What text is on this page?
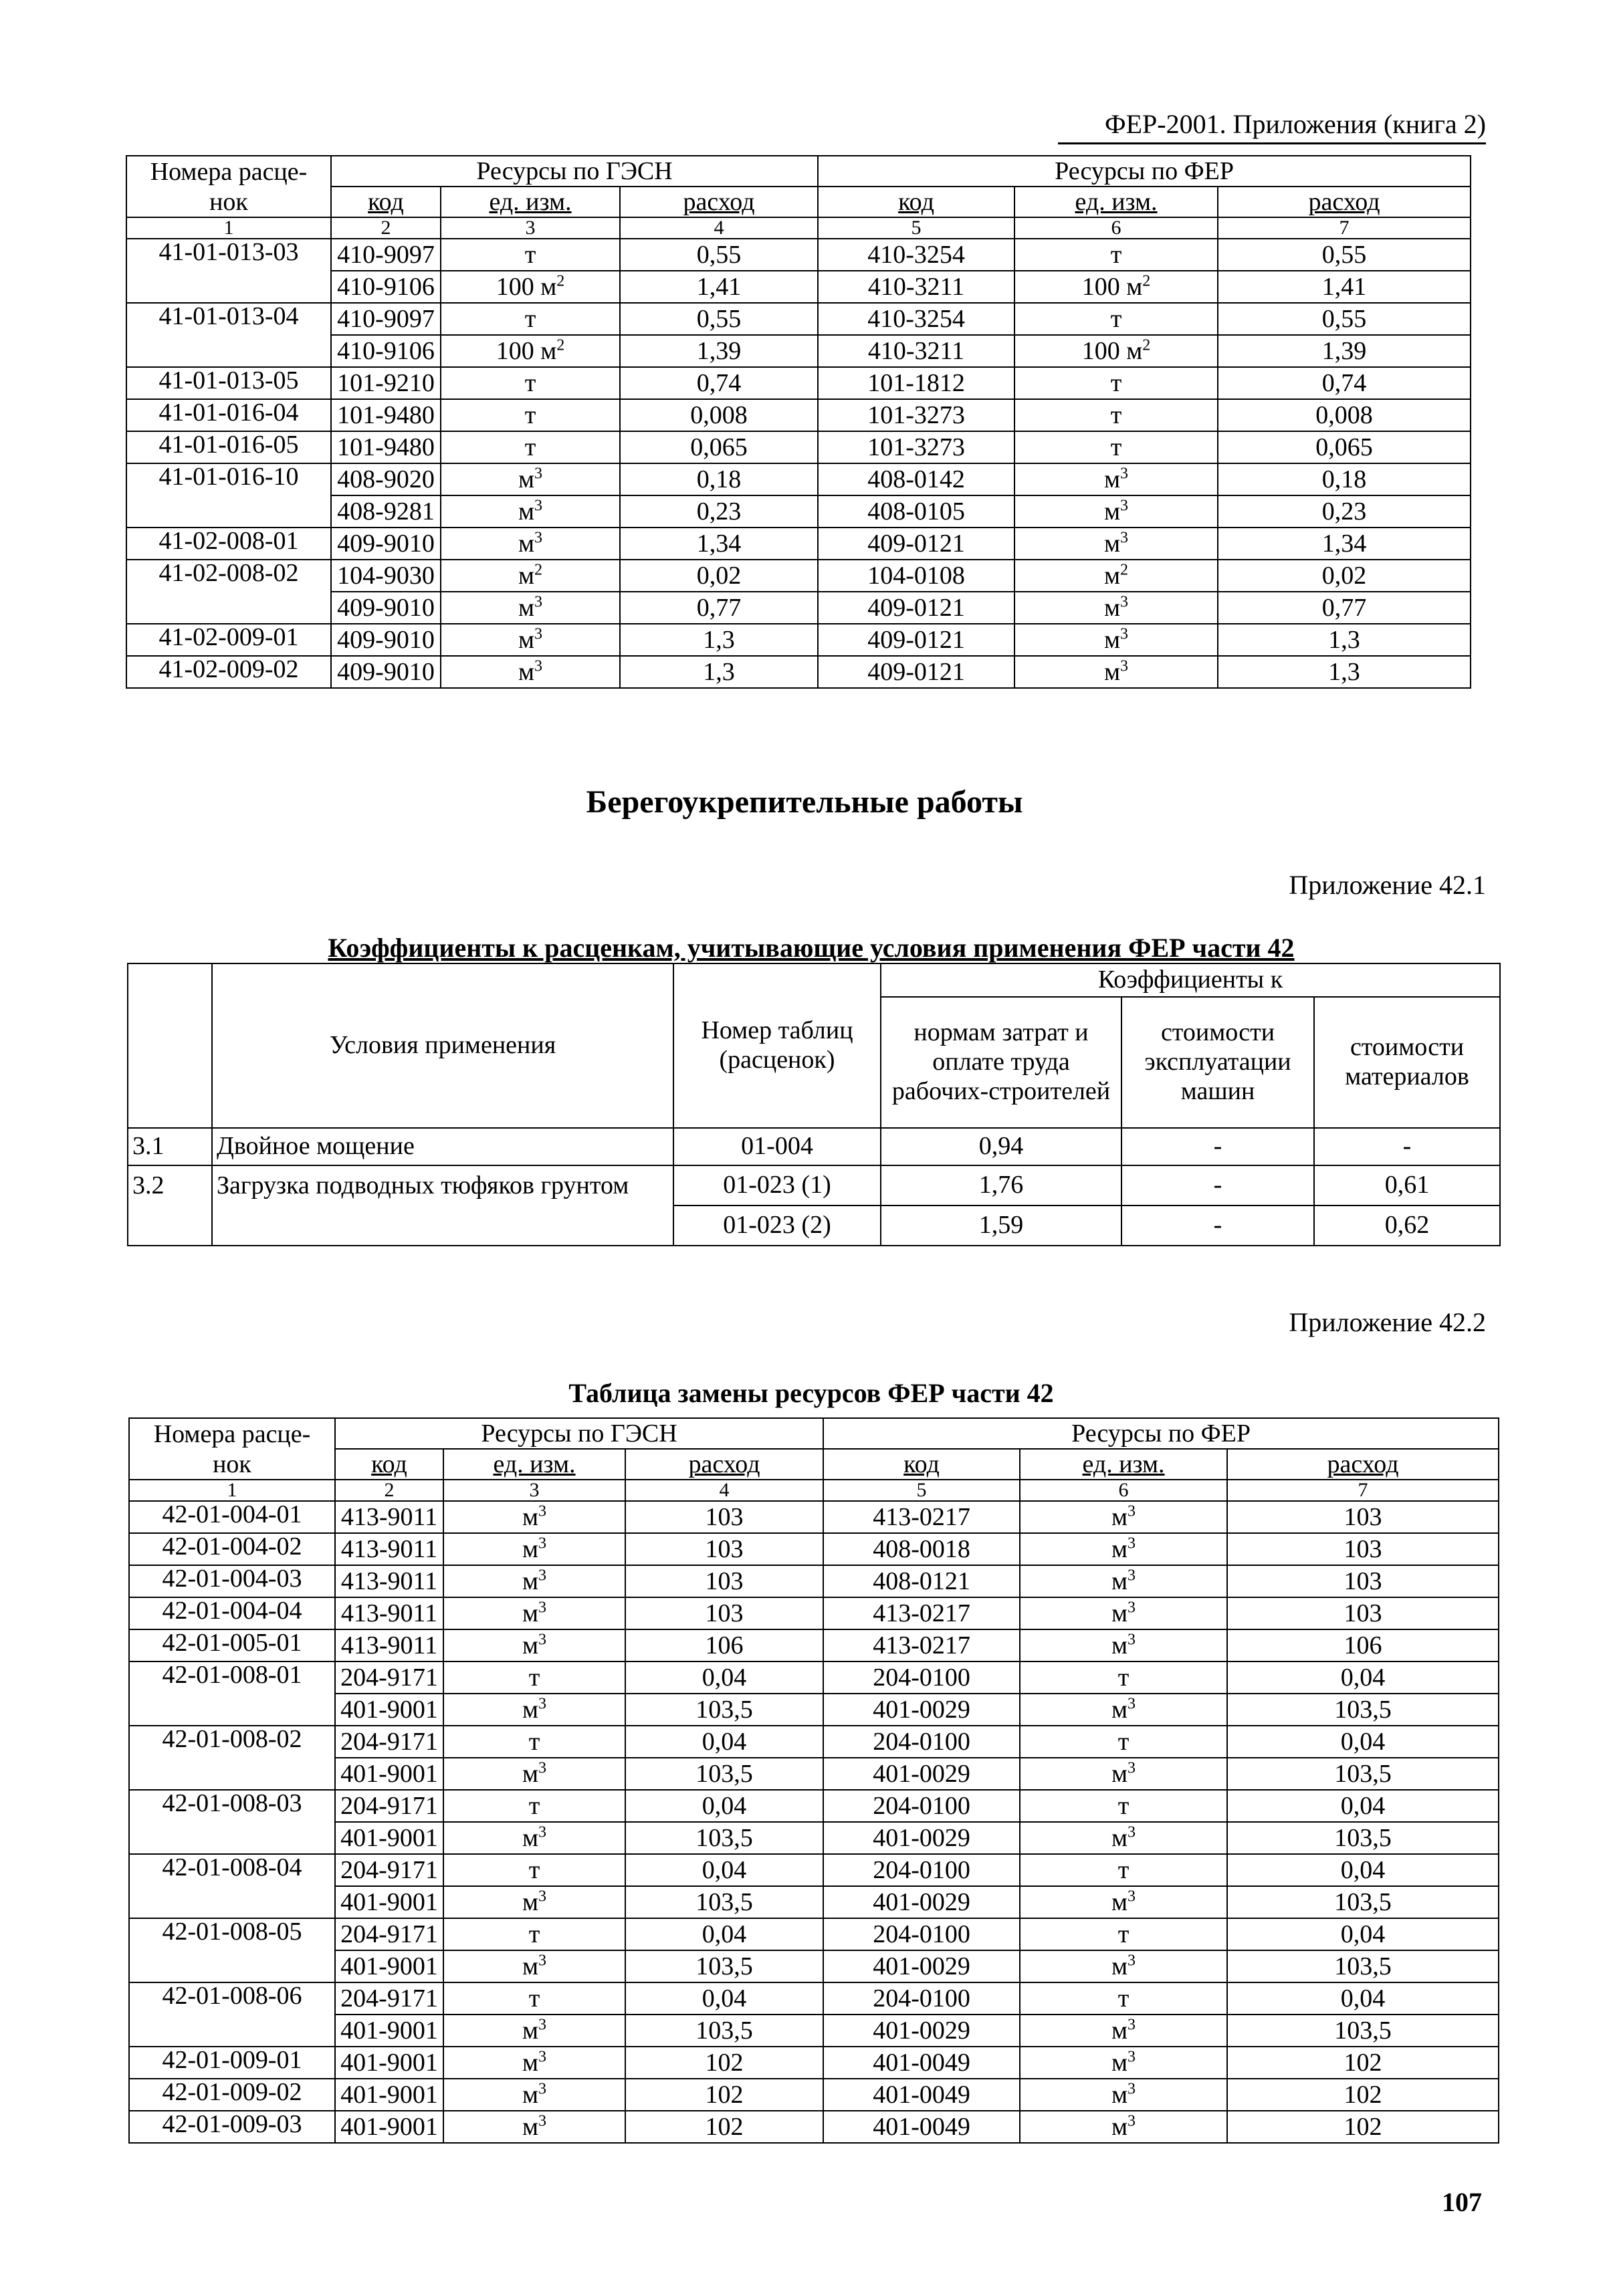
ФЕР-2001. Приложения (книга 2)
Номера расце-	Ресурсы по ГЭСН			Ресурсы по ФЕР		
нок	код	ед. изм.	расход	код	ед. изм.	расход
1	2	3	4	5	6	7
41-01-013-03	410-9097	т	0,55	410-3254	т	0,55
	410-9106	100 $м^2$	1,41	410-3211	100 $м^2$	1,41
41-01-013-04	410-9097	т	0,55	410-3254	т	0,55
	410-9106	100 $м^2$	1,39	410-3211	100 $м^2$	1,39
41-01-013-05	101-9210	т	0,74	101-1812	т	0,74
41-01-016-04	101-9480	т	0,008	101-3273	т	0,008
41-01-016-05	101-9480	т	0,065	101-3273	т	0,065
41-01-016-10	408-9020	$м^3$	0,18	408-0142	$м^3$	0,18
	408-9281	$м^3$	0,23	408-0105	$м^3$	0,23
41-02-008-01	409-9010	$м^3$	1,34	409-0121	$м^3$	1,34
41-02-008-02	104-9030	$м^2$	0,02	104-0108	$м^2$	0,02
	409-9010	$м^3$	0,77	409-0121	$м^3$	0,77
41-02-009-01	409-9010	$м^3$	1,3	409-0121	$м^3$	1,3
41-02-009-02	409-9010	$м^3$	1,3	409-0121	$м^3$	1,3
Берегоукрепительные работы
Приложение 42.1
Коэффициенты к расценкам, учитывающие условия применения ФЕР части 42
	Условия применения	Номер таблиц (расценок)	Коэффициенты к		
			нормам затрат и оплате труда рабочих-строителей	стоимости эксплуатации машин	стоимости материалов
3.1	Двойное мощение	01-004	0,94	-	-
3.2	Загрузка подводных тюфяков грунтом	01-023 (1)	1,76	-	0,61
		01-023 (2)	1,59	-	0,62
Приложение 42.2
Таблица замены ресурсов ФЕР части 42
Номера расце-	Ресурсы по ГЭСН			Ресурсы по ФЕР		
нок	код	ед. изм.	расход	код	ед. изм.	расход
1	2	3	4	5	6	7
42-01-004-01	413-9011	$м^3$	103	413-0217	$м^3$	103
42-01-004-02	413-9011	$м^3$	103	408-0018	$м^3$	103
42-01-004-03	413-9011	$м^3$	103	408-0121	$м^3$	103
42-01-004-04	413-9011	$м^3$	103	413-0217	$м^3$	103
42-01-005-01	413-9011	$м^3$	106	413-0217	$м^3$	106
42-01-008-01	204-9171	т	0,04	204-0100	т	0,04
	401-9001	$м^3$	103,5	401-0029	$м^3$	103,5
42-01-008-02	204-9171	т	0,04	204-0100	т	0,04
	401-9001	$м^3$	103,5	401-0029	$м^3$	103,5
42-01-008-03	204-9171	т	0,04	204-0100	т	0,04
	401-9001	$м^3$	103,5	401-0029	$м^3$	103,5
42-01-008-04	204-9171	т	0,04	204-0100	т	0,04
	401-9001	$м^3$	103,5	401-0029	$м^3$	103,5
42-01-008-05	204-9171	т	0,04	204-0100	т	0,04
	401-9001	$м^3$	103,5	401-0029	$м^3$	103,5
42-01-008-06	204-9171	т	0,04	204-0100	т	0,04
	401-9001	$м^3$	103,5	401-0029	$м^3$	103,5
42-01-009-01	401-9001	$м^3$	102	401-0049	$м^3$	102
42-01-009-02	401-9001	$м^3$	102	401-0049	$м^3$	102
42-01-009-03	401-9001	$м^3$	102	401-0049	$м^3$	102
107
